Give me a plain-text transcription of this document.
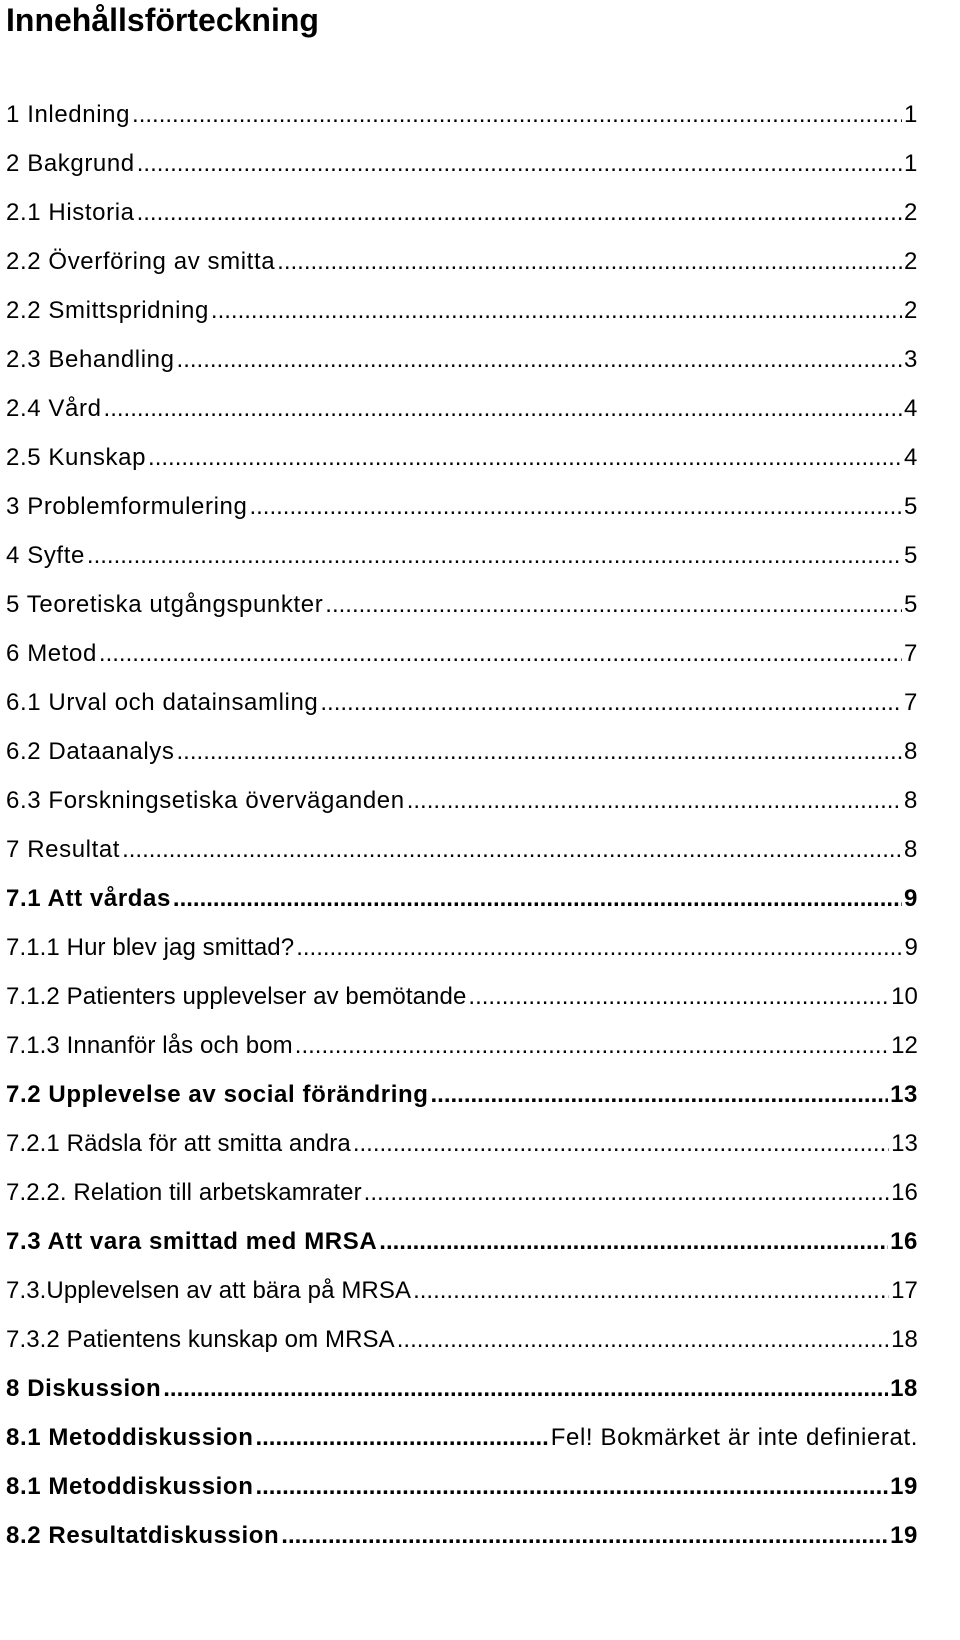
Innehållsförteckning
1 Inledning .....	1
2 Bakgrund .....	1
2.1 Historia .....	2
2.2 Överföring av smitta .....	2
2.2 Smittspridning .....	2
2.3 Behandling .....	3
2.4 Vård .....	4
2.5 Kunskap .....	4
3 Problemformulering .....	5
4 Syfte .....	5
5 Teoretiska utgångspunkter .....	5
6 Metod .....	7
6.1 Urval och datainsamling .....	7
6.2 Dataanalys .....	8
6.3 Forskningsetiska överväganden .....	8
7 Resultat .....	8
7.1 Att vårdas .....	9
7.1.1 Hur blev jag smittad? .....	9
7.1.2 Patienters upplevelser av bemötande .....	10
7.1.3 Innanför lås och bom .....	12
7.2 Upplevelse av social förändring .....	13
7.2.1 Rädsla för att smitta andra .....	13
7.2.2. Relation till arbetskamrater .....	16
7.3 Att vara smittad med MRSA .....	16
7.3.Upplevelsen av att bära på MRSA .....	17
7.3.2 Patientens kunskap om MRSA .....	18
8 Diskussion .....	18
8.1 Metoddiskussion .....	Fel! Bokmärket är inte definierat.
8.1 Metoddiskussion .....	19
8.2 Resultatdiskussion .....	19
